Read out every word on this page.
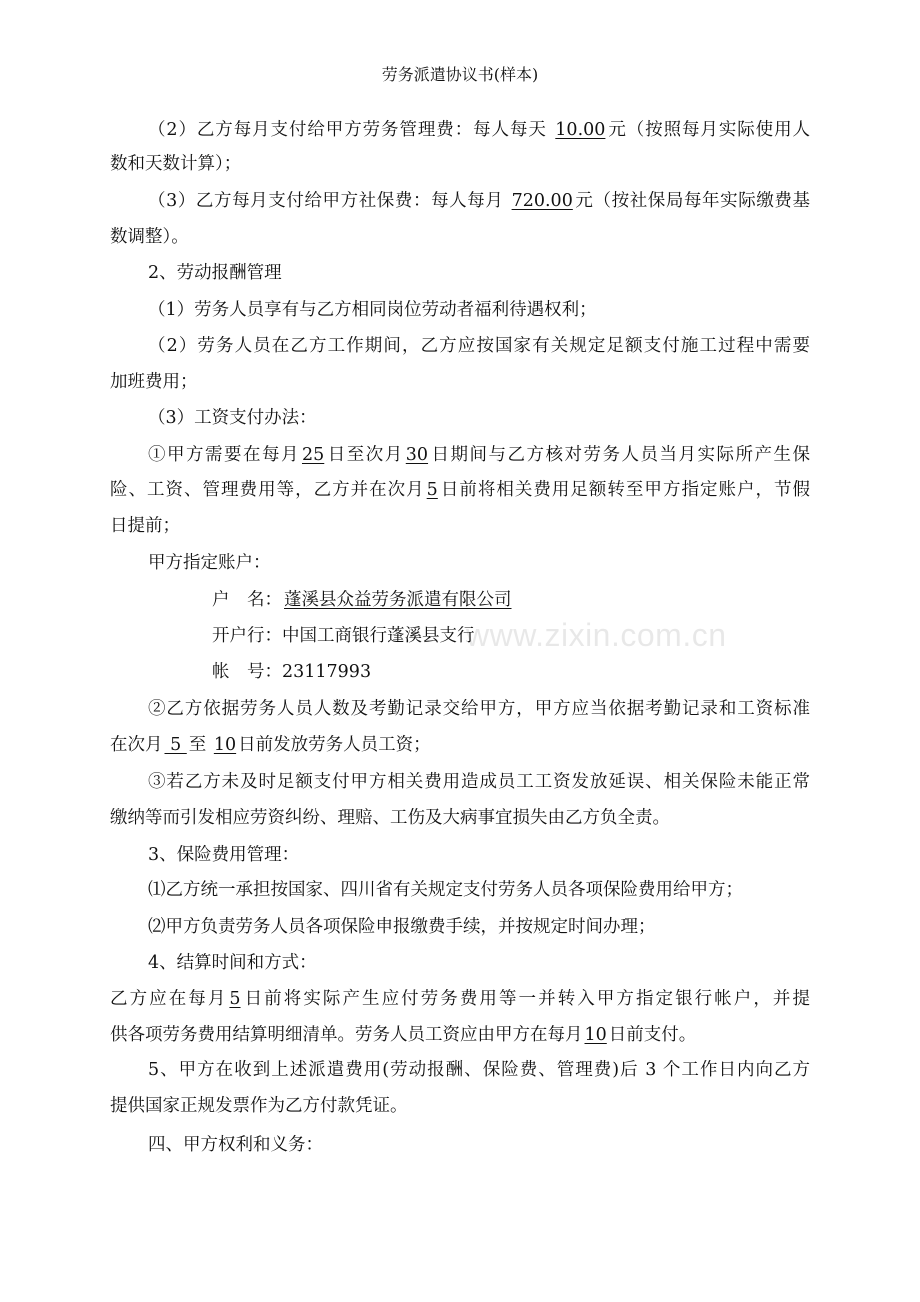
劳务派遣协议书(样本)
www.zixin.com.cn
（2）乙方每月支付给甲方劳务管理费：每人每天 10.00 元（按照每月实际使用人
数和天数计算）；
（3）乙方每月支付给甲方社保费：每人每月 720.00 元（按社保局每年实际缴费基
数调整）。
2、劳动报酬管理
（1）劳务人员享有与乙方相同岗位劳动者福利待遇权利；
（2）劳务人员在乙方工作期间，乙方应按国家有关规定足额支付施工过程中需要
加班费用；
（3）工资支付办法：
①甲方需要在每月 25 日至次月 30 日期间与乙方核对劳务人员当月实际所产生保
险、工资、管理费用等，乙方并在次月 5 日前将相关费用足额转至甲方指定账户，节假
日提前；
甲方指定账户：
户　名： 蓬溪县众益劳务派遣有限公司
开户行：中国工商银行蓬溪县支行
帐　号：23117993
②乙方依据劳务人员人数及考勤记录交给甲方，甲方应当依据考勤记录和工资标准
在次月 5 至 10 日前发放劳务人员工资；
③若乙方未及时足额支付甲方相关费用造成员工工资发放延误、相关保险未能正常
缴纳等而引发相应劳资纠纷、理赔、工伤及大病事宜损失由乙方负全责。
3、保险费用管理：
⑴乙方统一承担按国家、四川省有关规定支付劳务人员各项保险费用给甲方；
⑵甲方负责劳务人员各项保险申报缴费手续，并按规定时间办理；
4、结算时间和方式：
乙方应在每月 5 日前将实际产生应付劳务费用等一并转入甲方指定银行帐户，并提
供各项劳务费用结算明细清单。劳务人员工资应由甲方在每月 10 日前支付。
5、甲方在收到上述派遣费用(劳动报酬、保险费、管理费)后 3 个工作日内向乙方
提供国家正规发票作为乙方付款凭证。
四、甲方权利和义务：
